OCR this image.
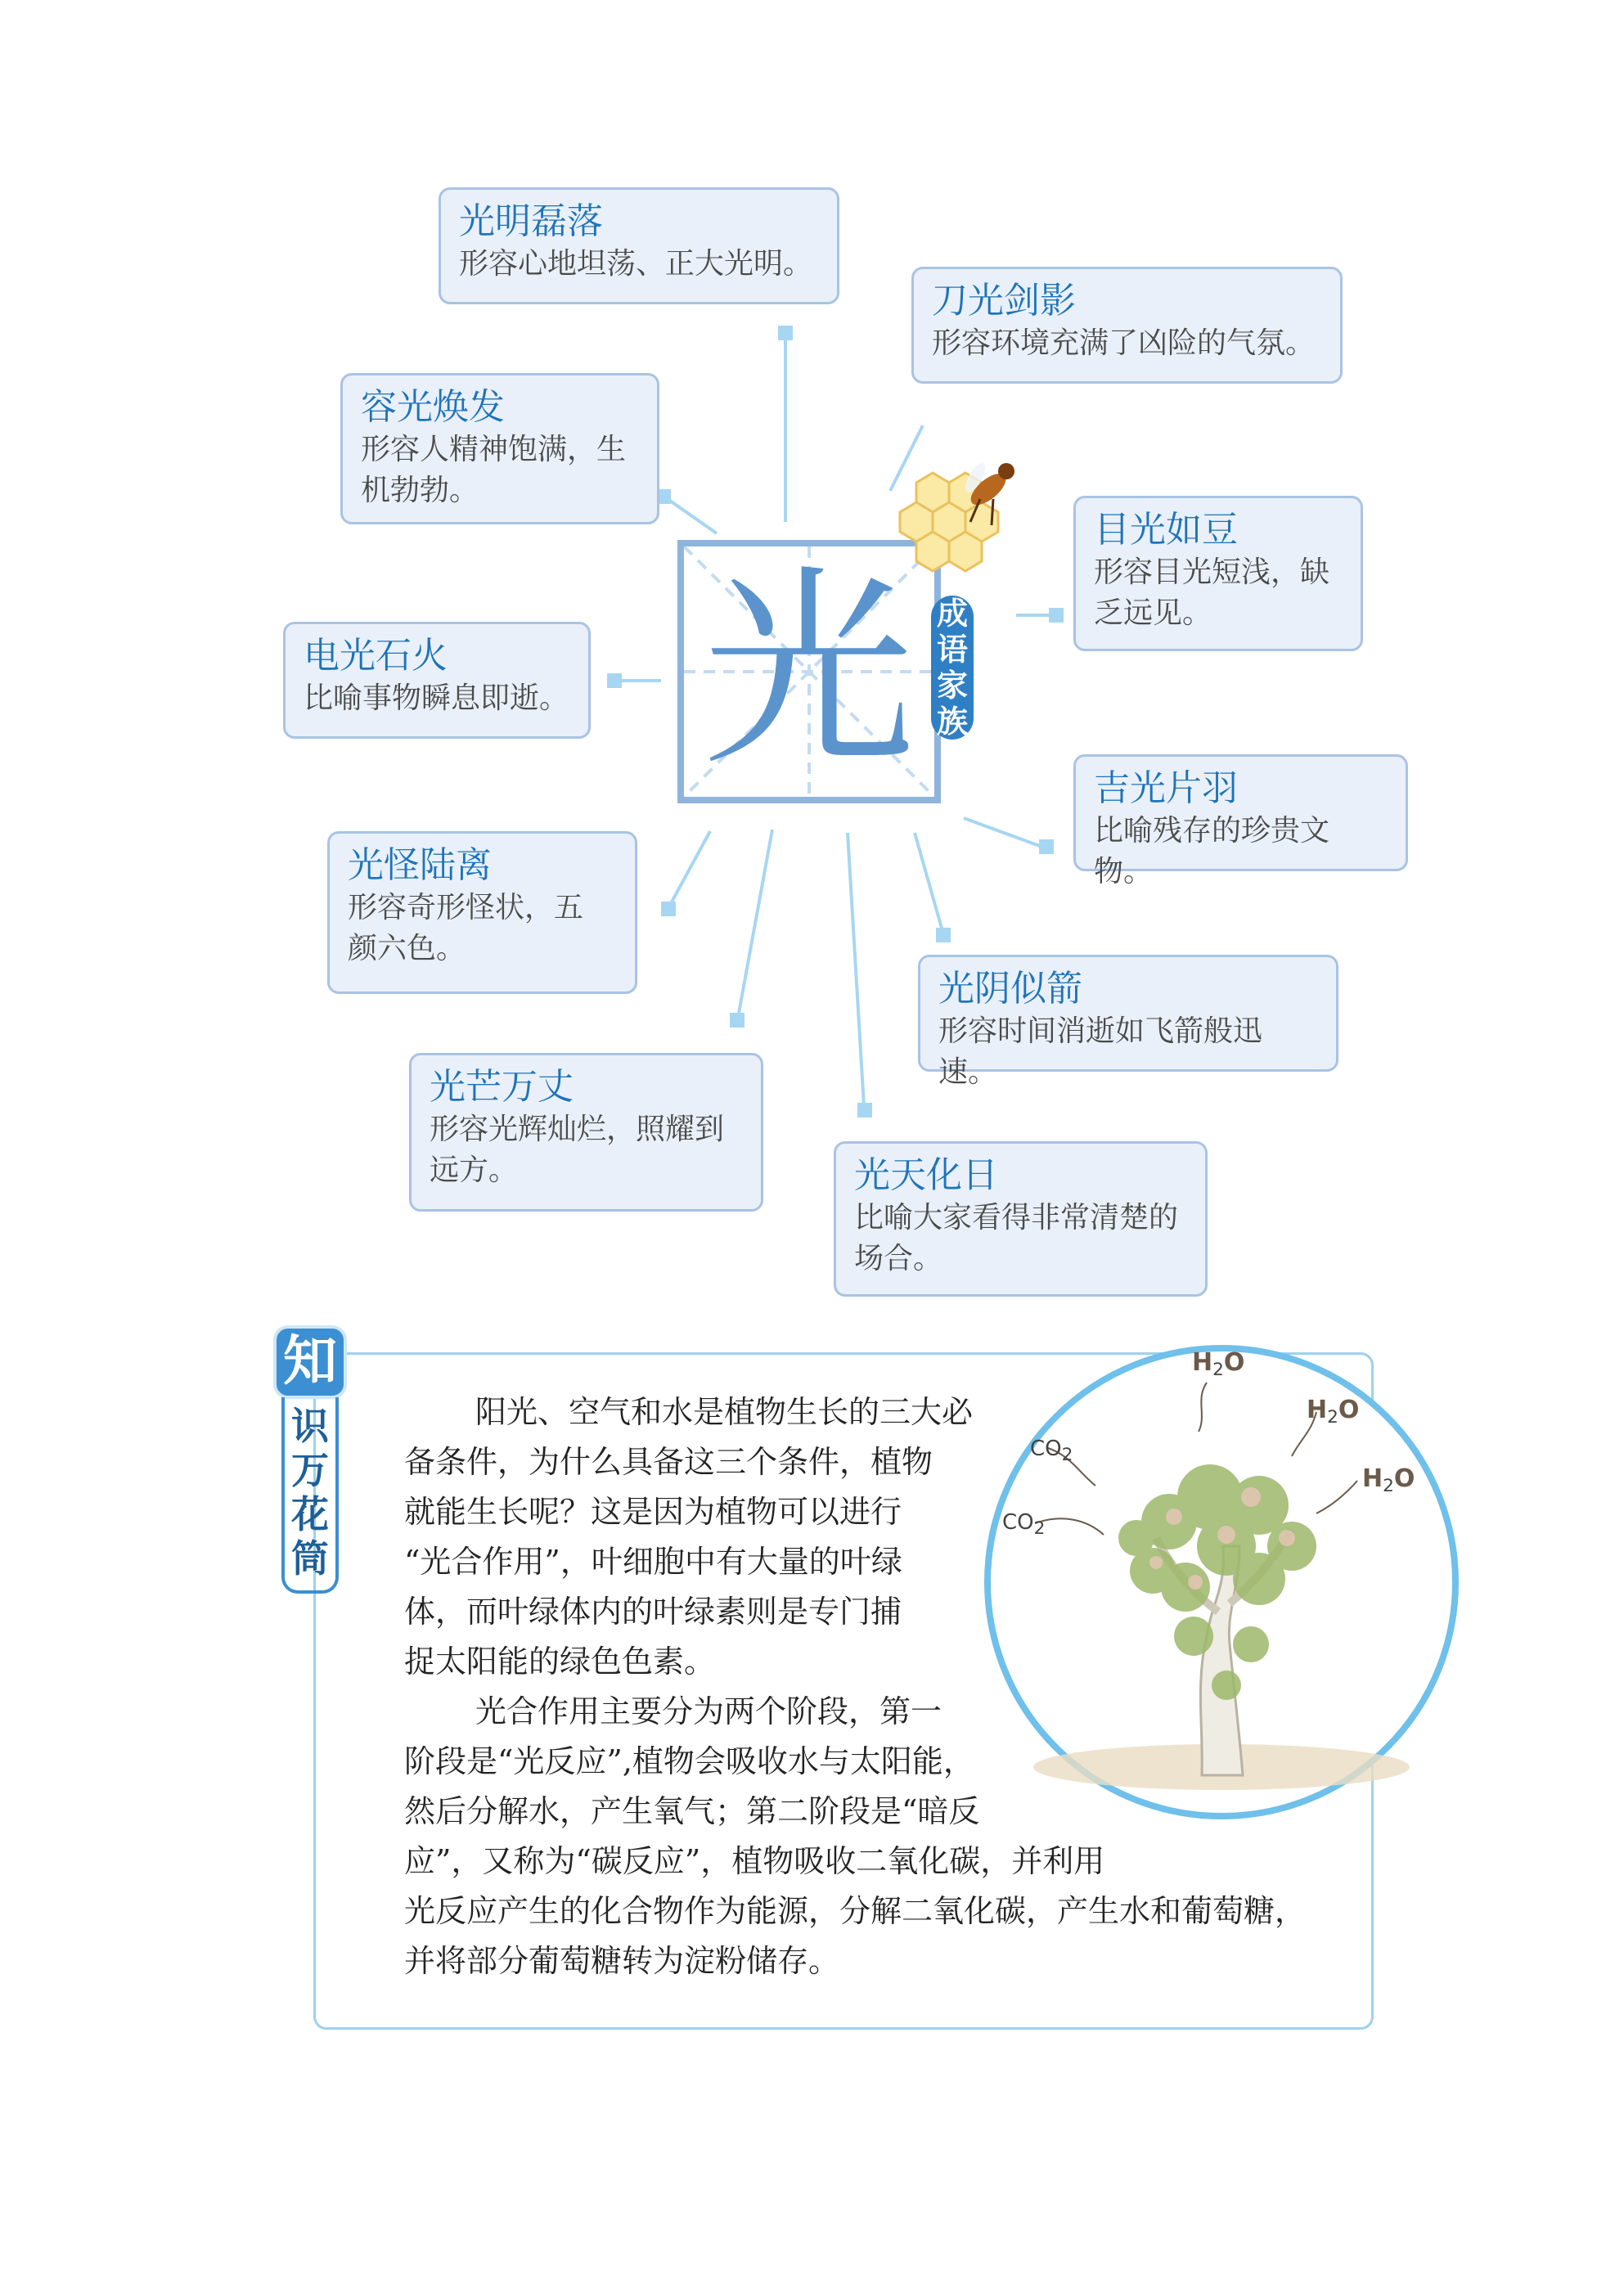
光 成
语
家
族
光明磊落
形容心地坦荡、正大光明。
刀光剑影
形容环境充满了凶险的气氛。
容光焕发
形容人精神饱满，生
机勃勃。
目光如豆
形容目光短浅，缺
乏远见。
电光石火
比喻事物瞬息即逝。
吉光片羽
比喻残存的珍贵文物。
光怪陆离
形容奇形怪状，五
颜六色。
光阴似箭
形容时间消逝如飞箭般迅速。
光芒万丈
形容光辉灿烂，照耀到
远方。	光天化日
比喻大家看得非常清楚的
场合。
知
识
万
花
筒
阳光、空气和水是植物生长的三大必
备条件，为什么具备这三个条件，植物
就能生长呢？这是因为植物可以进行
“光合作用”，叶细胞中有大量的叶绿
体，而叶绿体内的叶绿素则是专门捕
捉太阳能的绿色色素。
光合作用主要分为两个阶段，第一
阶段是“光反应”,植物会吸收水与太阳能，
然后分解水，产生氧气；第二阶段是“暗反
应”，又称为“碳反应”，植物吸收二氧化碳，并利用
光反应产生的化合物作为能源，分解二氧化碳，产生水和葡萄糖，
并将部分葡萄糖转为淀粉储存。
$H_2O$
$H_2O$
$H_2O$
$CO_2$
$CO_2$
